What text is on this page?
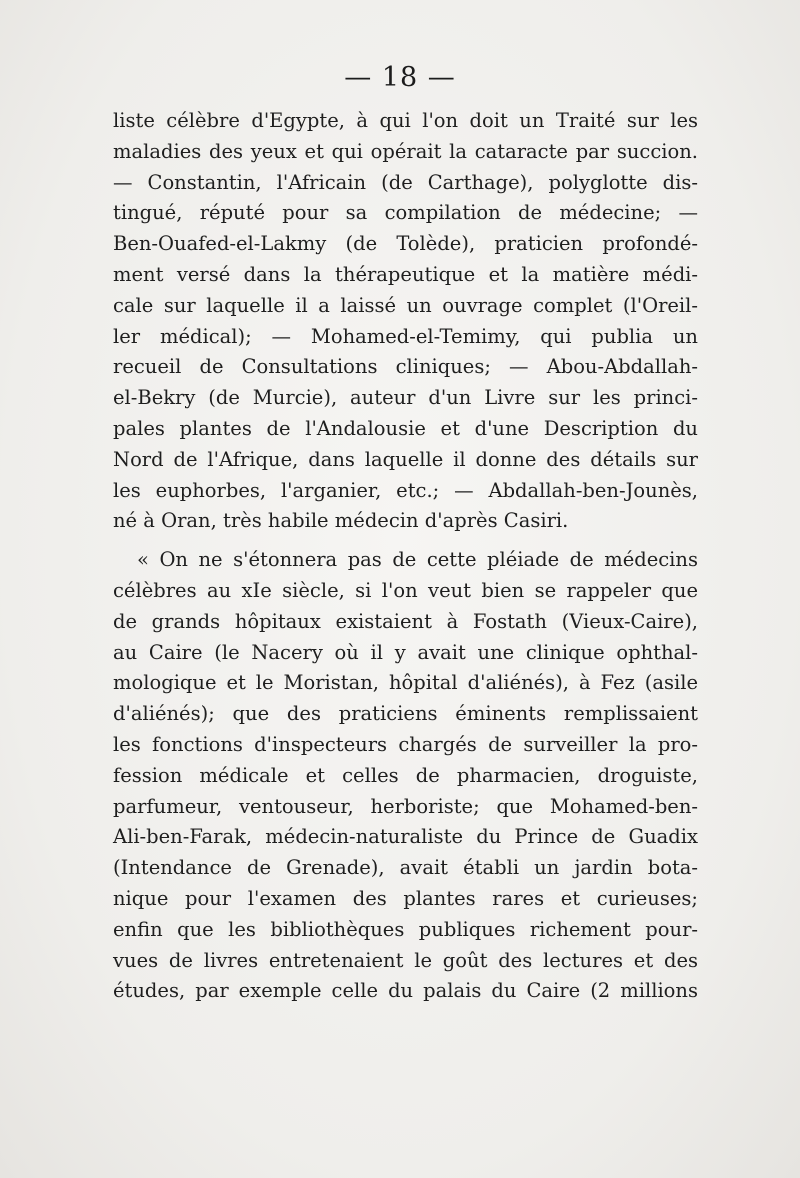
— 18 —
liste célèbre d'Egypte, à qui l'on doit un Traité sur les
maladies des yeux et qui opérait la cataracte par succion.
— Constantin, l'Africain (de Carthage), polyglotte dis-
tingué, réputé pour sa compilation de médecine; —
Ben-Ouafed-el-Lakmy (de Tolède), praticien profondé-
ment versé dans la thérapeutique et la matière médi-
cale sur laquelle il a laissé un ouvrage complet (l'Oreil-
ler médical); — Mohamed-el-Temimy, qui publia un
recueil de Consultations cliniques; — Abou-Abdallah-
el-Bekry (de Murcie), auteur d'un Livre sur les princi-
pales plantes de l'Andalousie et d'une Description du
Nord de l'Afrique, dans laquelle il donne des détails sur
les euphorbes, l'arganier, etc.; — Abdallah-ben-Jounès,
né à Oran, très habile médecin d'après Casiri.
« On ne s'étonnera pas de cette pléiade de médecins
célèbres au xIe siècle, si l'on veut bien se rappeler que
de grands hôpitaux existaient à Fostath (Vieux-Caire),
au Caire (le Nacery où il y avait une clinique ophthal-
mologique et le Moristan, hôpital d'aliénés), à Fez (asile
d'aliénés); que des praticiens éminents remplissaient
les fonctions d'inspecteurs chargés de surveiller la pro-
fession médicale et celles de pharmacien, droguiste,
parfumeur, ventouseur, herboriste; que Mohamed-ben-
Ali-ben-Farak, médecin-naturaliste du Prince de Guadix
(Intendance de Grenade), avait établi un jardin bota-
nique pour l'examen des plantes rares et curieuses;
enfin que les bibliothèques publiques richement pour-
vues de livres entretenaient le goût des lectures et des
études, par exemple celle du palais du Caire (2 millions
